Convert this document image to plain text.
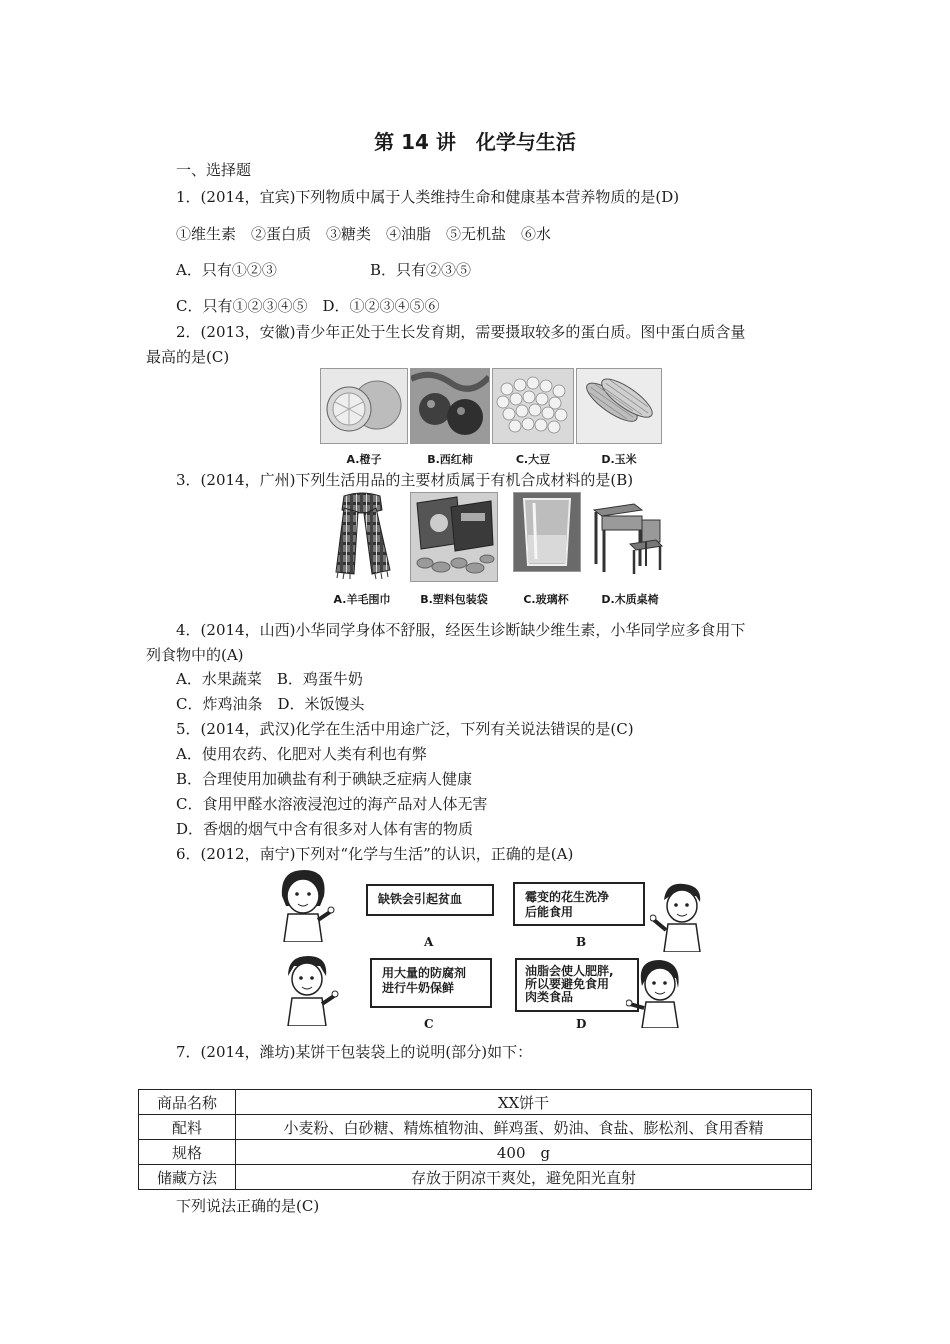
第 14 讲　化学与生活
一、选择题
1．(2014，宜宾)下列物质中属于人类维持生命和健康基本营养物质的是(D)
①维生素　②蛋白质　③糖类　④油脂　⑤无机盐　⑥水
A．只有①②③	B．只有②③⑤
C．只有①②③④⑤　D．①②③④⑤⑥
2．(2013，安徽)青少年正处于生长发育期，需要摄取较多的蛋白质。图中蛋白质含量
最高的是(C)
A.橙子	B.西红柿	C.大豆	D.玉米
3．(2014，广州)下列生活用品的主要材质属于有机合成材料的是(B)
A.羊毛围巾	B.塑料包装袋	C.玻璃杯	D.木质桌椅
4．(2014，山西)小华同学身体不舒服，经医生诊断缺少维生素，小华同学应多食用下
列食物中的(A)
A．水果蔬菜　B．鸡蛋牛奶
C．炸鸡油条　D．米饭馒头
5．(2014，武汉)化学在生活中用途广泛，下列有关说法错误的是(C)
A．使用农药、化肥对人类有利也有弊
B．合理使用加碘盐有利于碘缺乏症病人健康
C．食用甲醛水溶液浸泡过的海产品对人体无害
D．香烟的烟气中含有很多对人体有害的物质
6．(2012，南宁)下列对“化学与生活”的认识，正确的是(A)
缺铁会引起贫血
A
霉变的花生洗净
后能食用
B
用大量的防腐剂
进行牛奶保鲜
C
油脂会使人肥胖,
所以要避免食用
肉类食品
D
7．(2014，潍坊)某饼干包装袋上的说明(部分)如下：
商品名称	XX饼干
配料	小麦粉、白砂糖、精炼植物油、鲜鸡蛋、奶油、食盐、膨松剂、食用香精
规格	400　g
储藏方法	存放于阴凉干爽处，避免阳光直射
下列说法正确的是(C)
